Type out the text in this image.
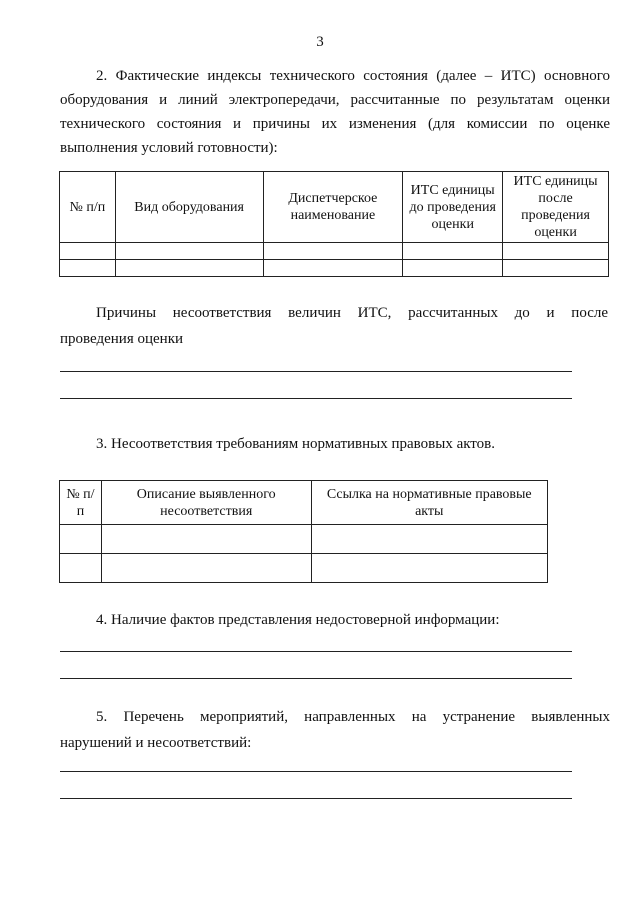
3
2. Фактические индексы технического состояния (далее – ИТС) основного оборудования и линий электропередачи, рассчитанные по результатам оценки технического состояния и причины их изменения (для комиссии по оценке выполнения условий готовности):
№ п/п	Вид оборудования	Диспетчерское наименование	ИТС единицы до проведения оценки	ИТС единицы после проведения оценки

Причины несоответствия величин ИТС, рассчитанных до и после
проведения оценки
3. Несоответствия требованиям нормативных правовых актов.
№ п/п	Описание выявленного несоответствия	Ссылка на нормативные правовые акты

4. Наличие фактов представления недостоверной информации:
5. Перечень мероприятий, направленных на устранение выявленных
нарушений и несоответствий:
